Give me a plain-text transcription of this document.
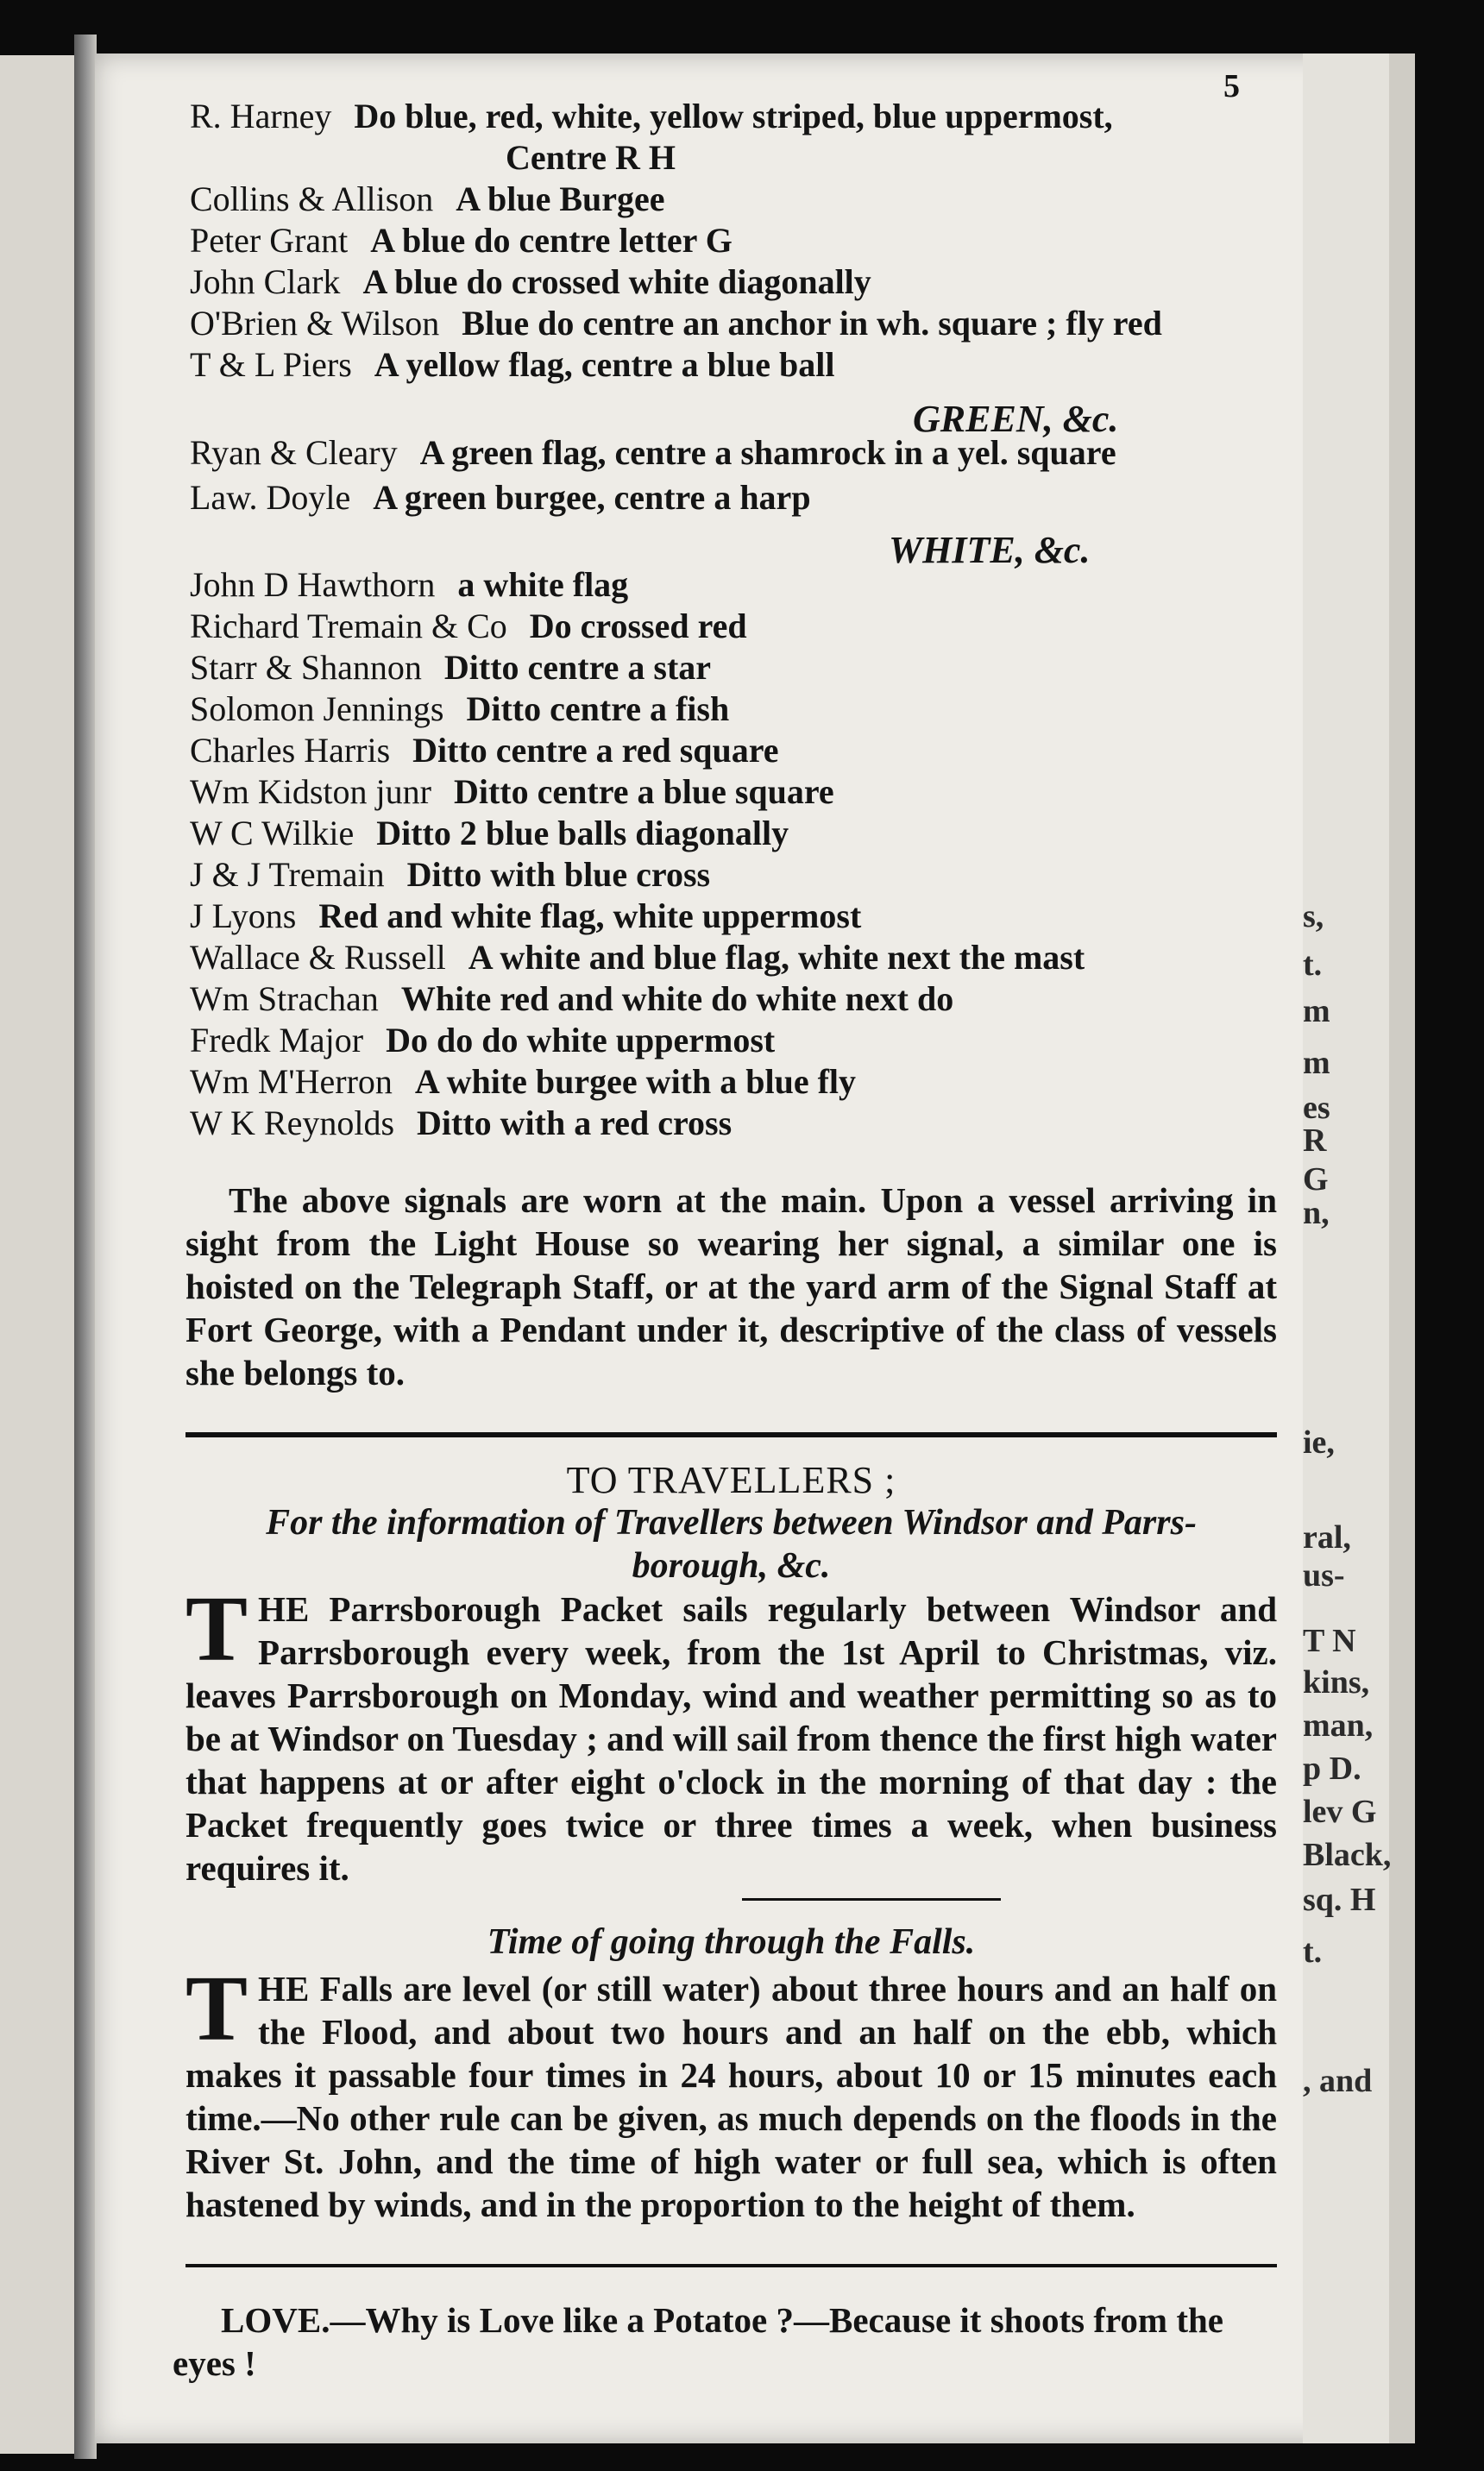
5
R. Harney Do blue, red, white, yellow striped, blue uppermost,
Centre R H
Collins & Allison A blue Burgee
Peter Grant A blue do centre letter G
John Clark A blue do crossed white diagonally
O'Brien & Wilson Blue do centre an anchor in wh. square ; fly red
T & L Piers A yellow flag, centre a blue ball
GREEN, &c.
Ryan & Cleary A green flag, centre a shamrock in a yel. square
Law. Doyle A green burgee, centre a harp
WHITE, &c.
John D Hawthorn a white flag
Richard Tremain & Co Do crossed red
Starr & Shannon Ditto centre a star
Solomon Jennings Ditto centre a fish
Charles Harris Ditto centre a red square
Wm Kidston junr Ditto centre a blue square
W C Wilkie Ditto 2 blue balls diagonally
J & J Tremain Ditto with blue cross
J Lyons Red and white flag, white uppermost
Wallace & Russell A white and blue flag, white next the mast
Wm Strachan White red and white do white next do
Fredk Major Do do do white uppermost
Wm M'Herron A white burgee with a blue fly
W K Reynolds Ditto with a red cross
The above signals are worn at the main. Upon a vessel arriving in sight from the Light House so wearing her signal, a similar one is hoisted on the Telegraph Staff, or at the yard arm of the Signal Staff at Fort George, with a Pendant under it, descriptive of the class of vessels she belongs to.
TO TRAVELLERS ;
For the information of Travellers between Windsor and Parrs-
borough, &c.
THE Parrsborough Packet sails regularly between Windsor and Parrsborough every week, from the 1st April to Christmas, viz. leaves Parrsborough on Monday, wind and weather permitting so as to be at Windsor on Tuesday ; and will sail from thence the first high water that happens at or after eight o'clock in the morning of that day : the Packet frequently goes twice or three times a week, when business requires it.
Time of going through the Falls.
THE Falls are level (or still water) about three hours and an half on the Flood, and about two hours and an half on the ebb, which makes it passable four times in 24 hours, about 10 or 15 minutes each time.—No other rule can be given, as much depends on the floods in the River St. John, and the time of high water or full sea, which is often hastened by winds, and in the proportion to the height of them.
LOVE.—Why is Love like a Potatoe ?—Because it shoots from the eyes !
s,
t.
m
m
es
R
G
n,
ie,
ral,
us-
T N
kins,
man,
p D.
lev G
Black,
sq. H
t.
, and
